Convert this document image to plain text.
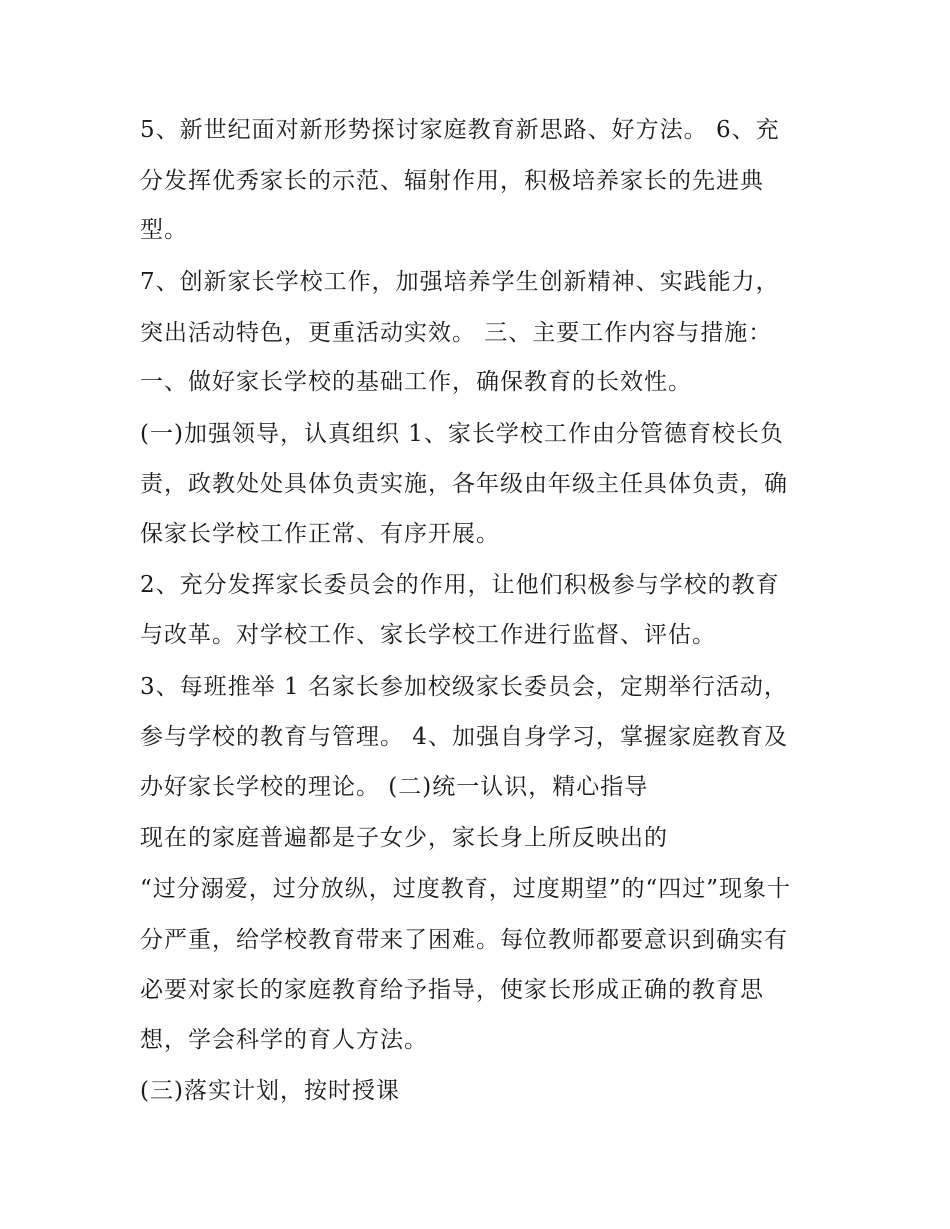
5、新世纪面对新形势探讨家庭教育新思路、好方法。 6、充
分发挥优秀家长的示范、辐射作用，积极培养家长的先进典
型。
7、创新家长学校工作，加强培养学生创新精神、实践能力，
突出活动特色，更重活动实效。 三、主要工作内容与措施：
一、做好家长学校的基础工作，确保教育的长效性。
(一)加强领导，认真组织 1、家长学校工作由分管德育校长负
责，政教处处具体负责实施，各年级由年级主任具体负责，确
保家长学校工作正常、有序开展。
2、充分发挥家长委员会的作用，让他们积极参与学校的教育
与改革。对学校工作、家长学校工作进行监督、评估。
3、每班推举 1 名家长参加校级家长委员会，定期举行活动，
参与学校的教育与管理。 4、加强自身学习，掌握家庭教育及
办好家长学校的理论。 (二)统一认识，精心指导
现在的家庭普遍都是子女少，家长身上所反映出的
“过分溺爱，过分放纵，过度教育，过度期望”的“四过”现象十
分严重，给学校教育带来了困难。每位教师都要意识到确实有
必要对家长的家庭教育给予指导，使家长形成正确的教育思
想，学会科学的育人方法。
(三)落实计划，按时授课
